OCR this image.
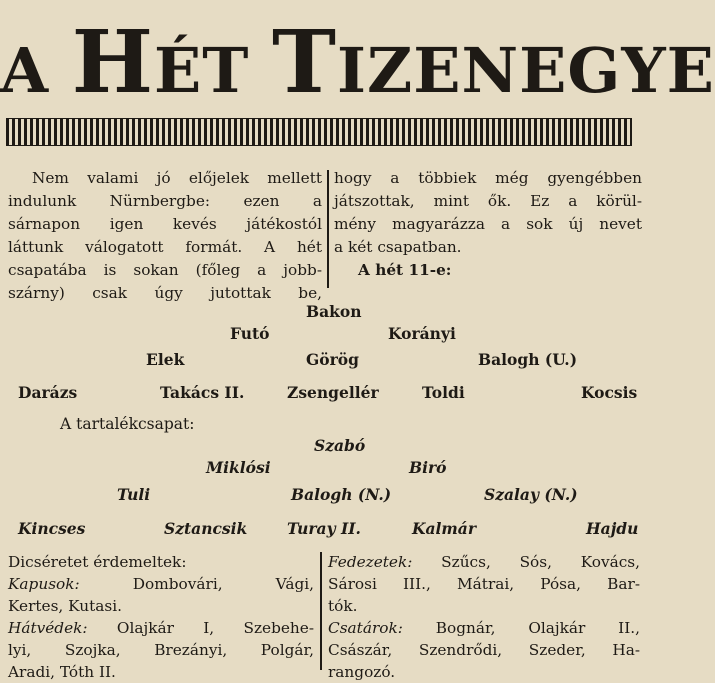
A HÉT TIZENEGYE
Nem valami jó előjelek mellett
indulunk Nürnbergbe: ezen a
sárnapon igen kevés játékostól
láttunk válogatott formát. A hét
csapatába is sokan (főleg a jobb-
szárny) csak úgy jutottak be,
hogy a többiek még gyengébben
játszottak, mint ők. Ez a körül-
mény magyarázza a sok új nevet
a két csapatban.
A hét 11-e:
Bakon
Futó	Korányi
Elek	Görög	Balogh (U.)
Darázs	Takács II.	Zsengellér	Toldi	Kocsis
A tartalékcsapat:
Szabó
Miklósi	Biró
Tuli	Balogh (N.)	Szalay (N.)
Kincses	Sztancsik	Turay II.	Kalmár	Hajdu
Dicséretet érdemeltek:
Kapusok:	Dombovári, Vági,
Kertes, Kutasi.
Hátvédek: Olajkár I, Szebehe-
lyi, Szojka, Brezányi, Polgár,
Aradi, Tóth II.
Fedezetek: Szűcs, Sós, Kovács,
Sárosi III., Mátrai, Pósa, Bar-
tók.
Csatárok: Bognár, Olajkár II.,
Császár, Szendrődi, Szeder, Ha-
rangozó.
